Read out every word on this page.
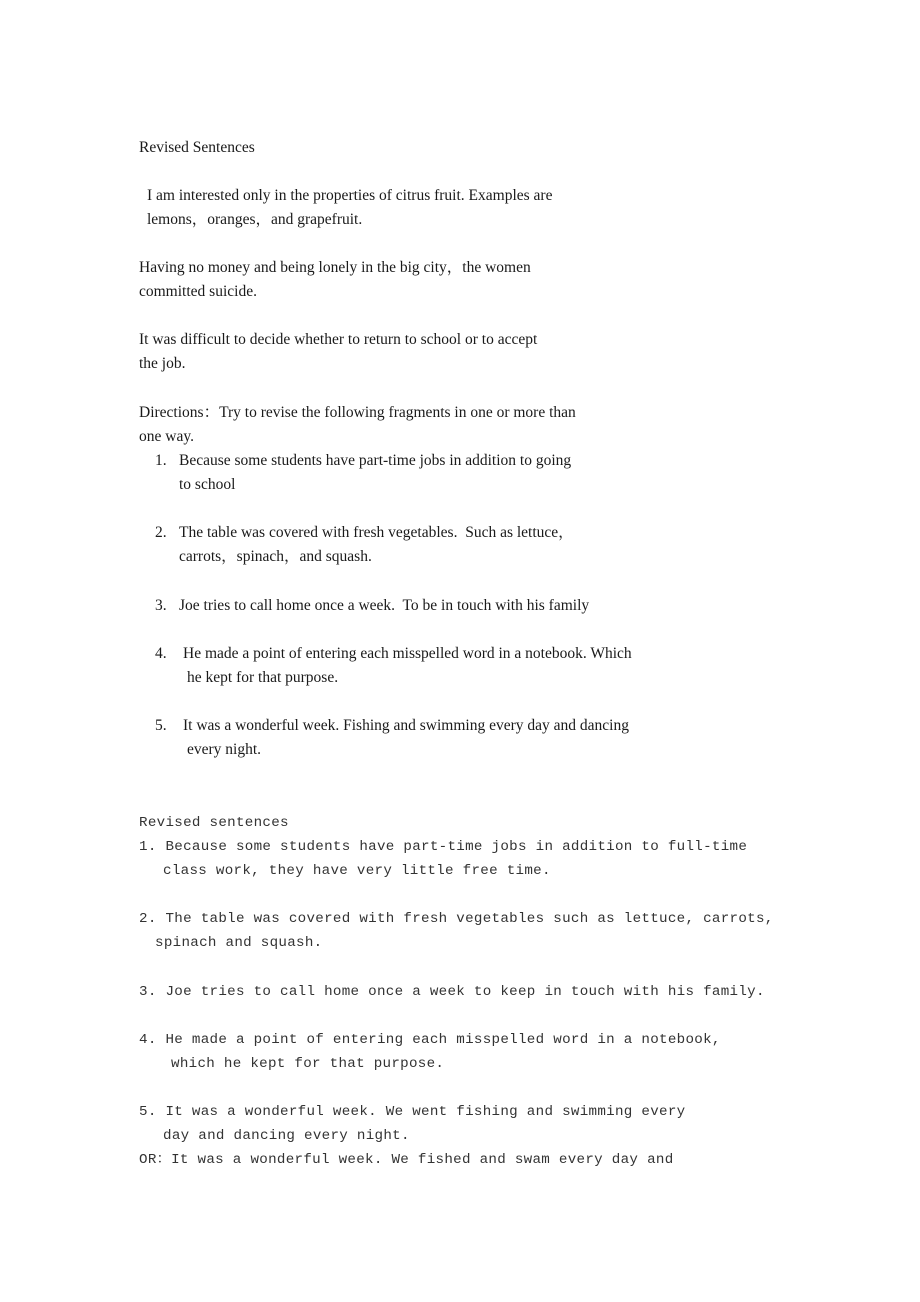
Revised Sentences
I am interested only in the properties of citrus fruit. Examples are
lemons，oranges，and grapefruit.
Having no money and being lonely in the big city，the women
committed suicide.
It was difficult to decide whether to return to school or to accept
the job.
Directions：Try to revise the following fragments in one or more than
one way.
1. Because some students have part-time jobs in addition to going
to school
2. The table was covered with fresh vegetables.  Such as lettuce，
carrots，spinach，and squash.
3. Joe tries to call home once a week.  To be in touch with his family
4. He made a point of entering each misspelled word in a notebook. Which
he kept for that purpose.
5. It was a wonderful week. Fishing and swimming every day and dancing
every night.
Revised sentences
1. Because some students have part-time jobs in addition to full-time
class work, they have very little free time.
2. The table was covered with fresh vegetables such as lettuce, carrots,
spinach and squash.
3. Joe tries to call home once a week to keep in touch with his family.
4. He made a point of entering each misspelled word in a notebook,
which he kept for that purpose.
5. It was a wonderful week. We went fishing and swimming every
day and dancing every night.
OR：It was a wonderful week. We fished and swam every day and
